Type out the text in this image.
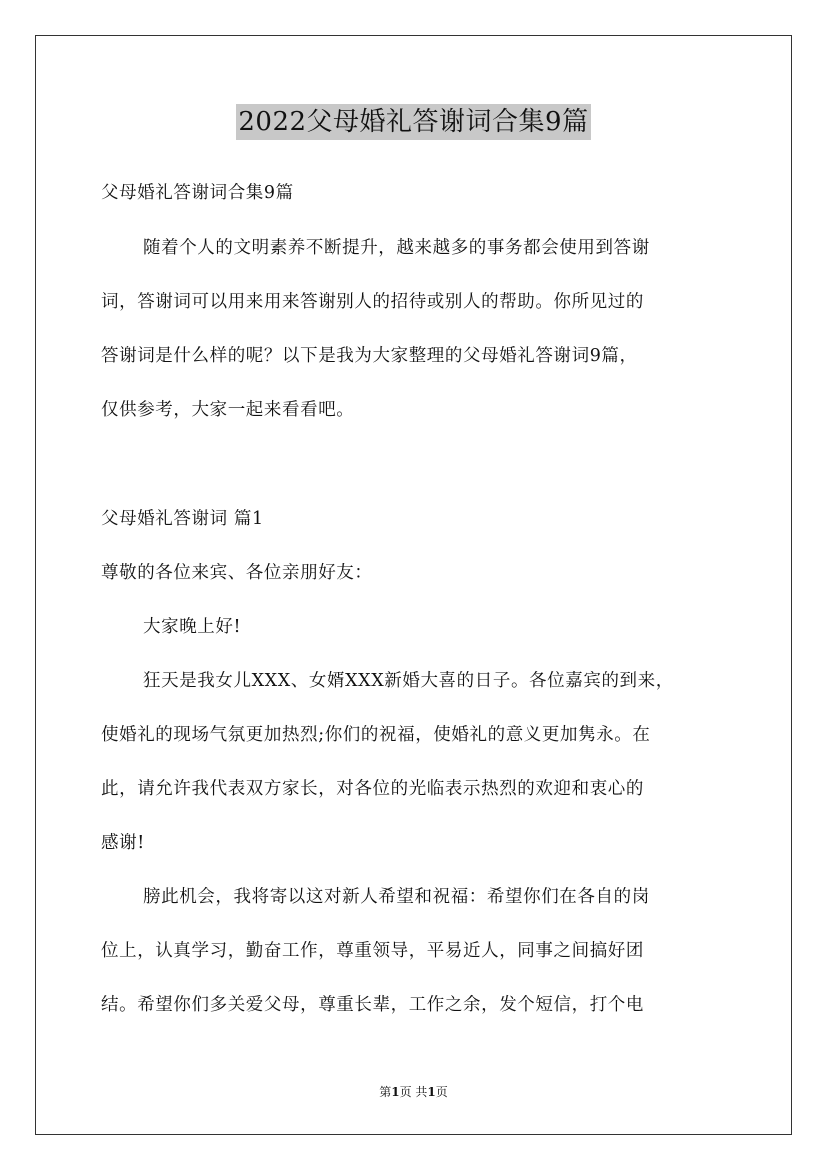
2022父母婚礼答谢词合集9篇
父母婚礼答谢词合集9篇
随着个人的文明素养不断提升，越来越多的事务都会使用到答谢
词，答谢词可以用来用来答谢别人的招待或别人的帮助。你所见过的
答谢词是什么样的呢？以下是我为大家整理的父母婚礼答谢词9篇，
仅供参考，大家一起来看看吧。
父母婚礼答谢词 篇1
尊敬的各位来宾、各位亲朋好友：
大家晚上好!
狂天是我女儿XXX、女婿XXX新婚大喜的日子。各位嘉宾的到来，
使婚礼的现场气氛更加热烈;你们的祝福，使婚礼的意义更加隽永。在
此，请允许我代表双方家长，对各位的光临表示热烈的欢迎和衷心的
感谢!
膀此机会，我将寄以这对新人希望和祝福：希望你们在各自的岗
位上，认真学习，勤奋工作，尊重领导，平易近人，同事之间搞好团
结。希望你们多关爱父母，尊重长辈，工作之余，发个短信，打个电
第1页 共1页
